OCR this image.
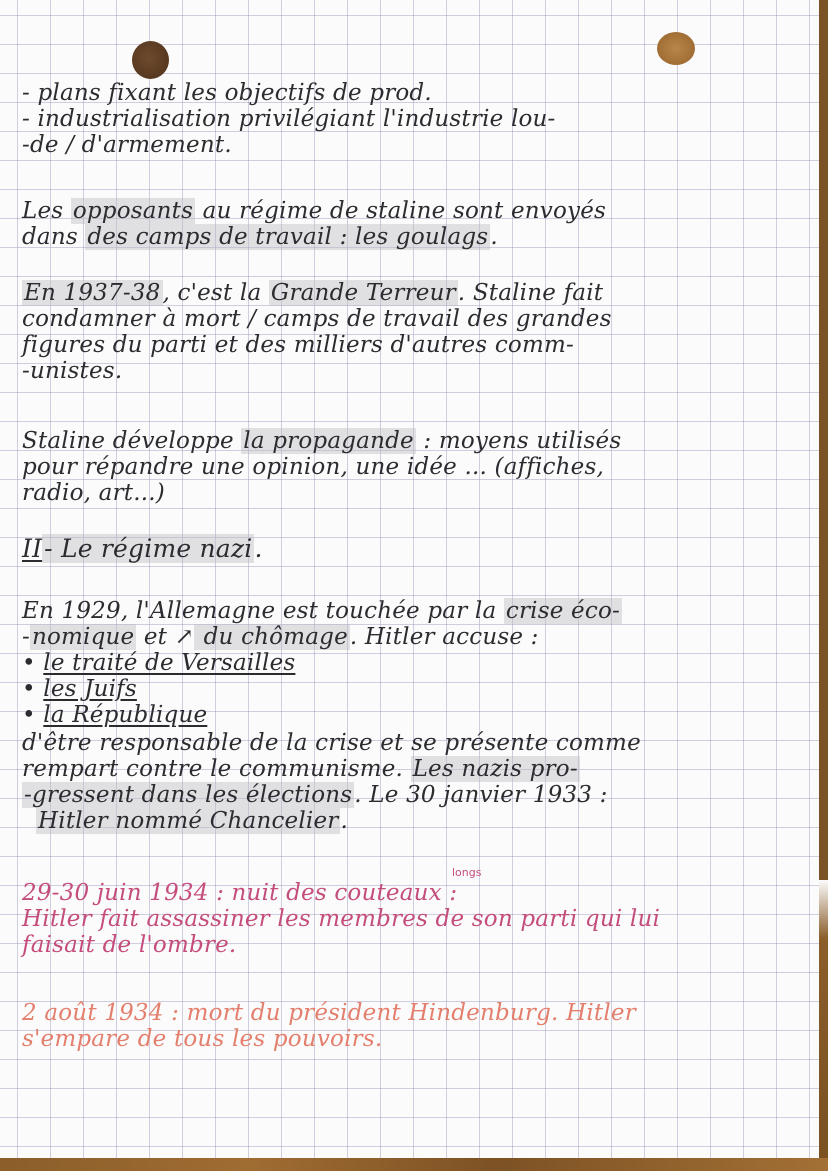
- plans fixant les objectifs de prod.
- industrialisation privilégiant l'industrie lou-
-de / d'armement.
Les opposants au régime de staline sont envoyés
dans des camps de travail : les goulags.
En 1937-38, c'est la Grande Terreur. Staline fait
condamner à mort / camps de travail des grandes
figures du parti et des milliers d'autres comm-
-unistes.
Staline développe la propagande : moyens utilisés
pour répandre une opinion, une idée ... (affiches,
radio, art...)
II- Le régime nazi.
En 1929, l'Allemagne est touchée par la crise éco-
-nomique et ↗ du chômage. Hitler accuse :
• le traité de Versailles
• les Juifs
• la République
d'être responsable de la crise et se présente comme
rempart contre le communisme. Les nazis pro-
-gressent dans les élections. Le 30 janvier 1933 :
Hitler nommé Chancelier.
longs
29-30 juin 1934 : nuit des couteaux :
Hitler fait assassiner les membres de son parti qui lui
faisait de l'ombre.
2 août 1934 : mort du président Hindenburg. Hitler
s'empare de tous les pouvoirs.
